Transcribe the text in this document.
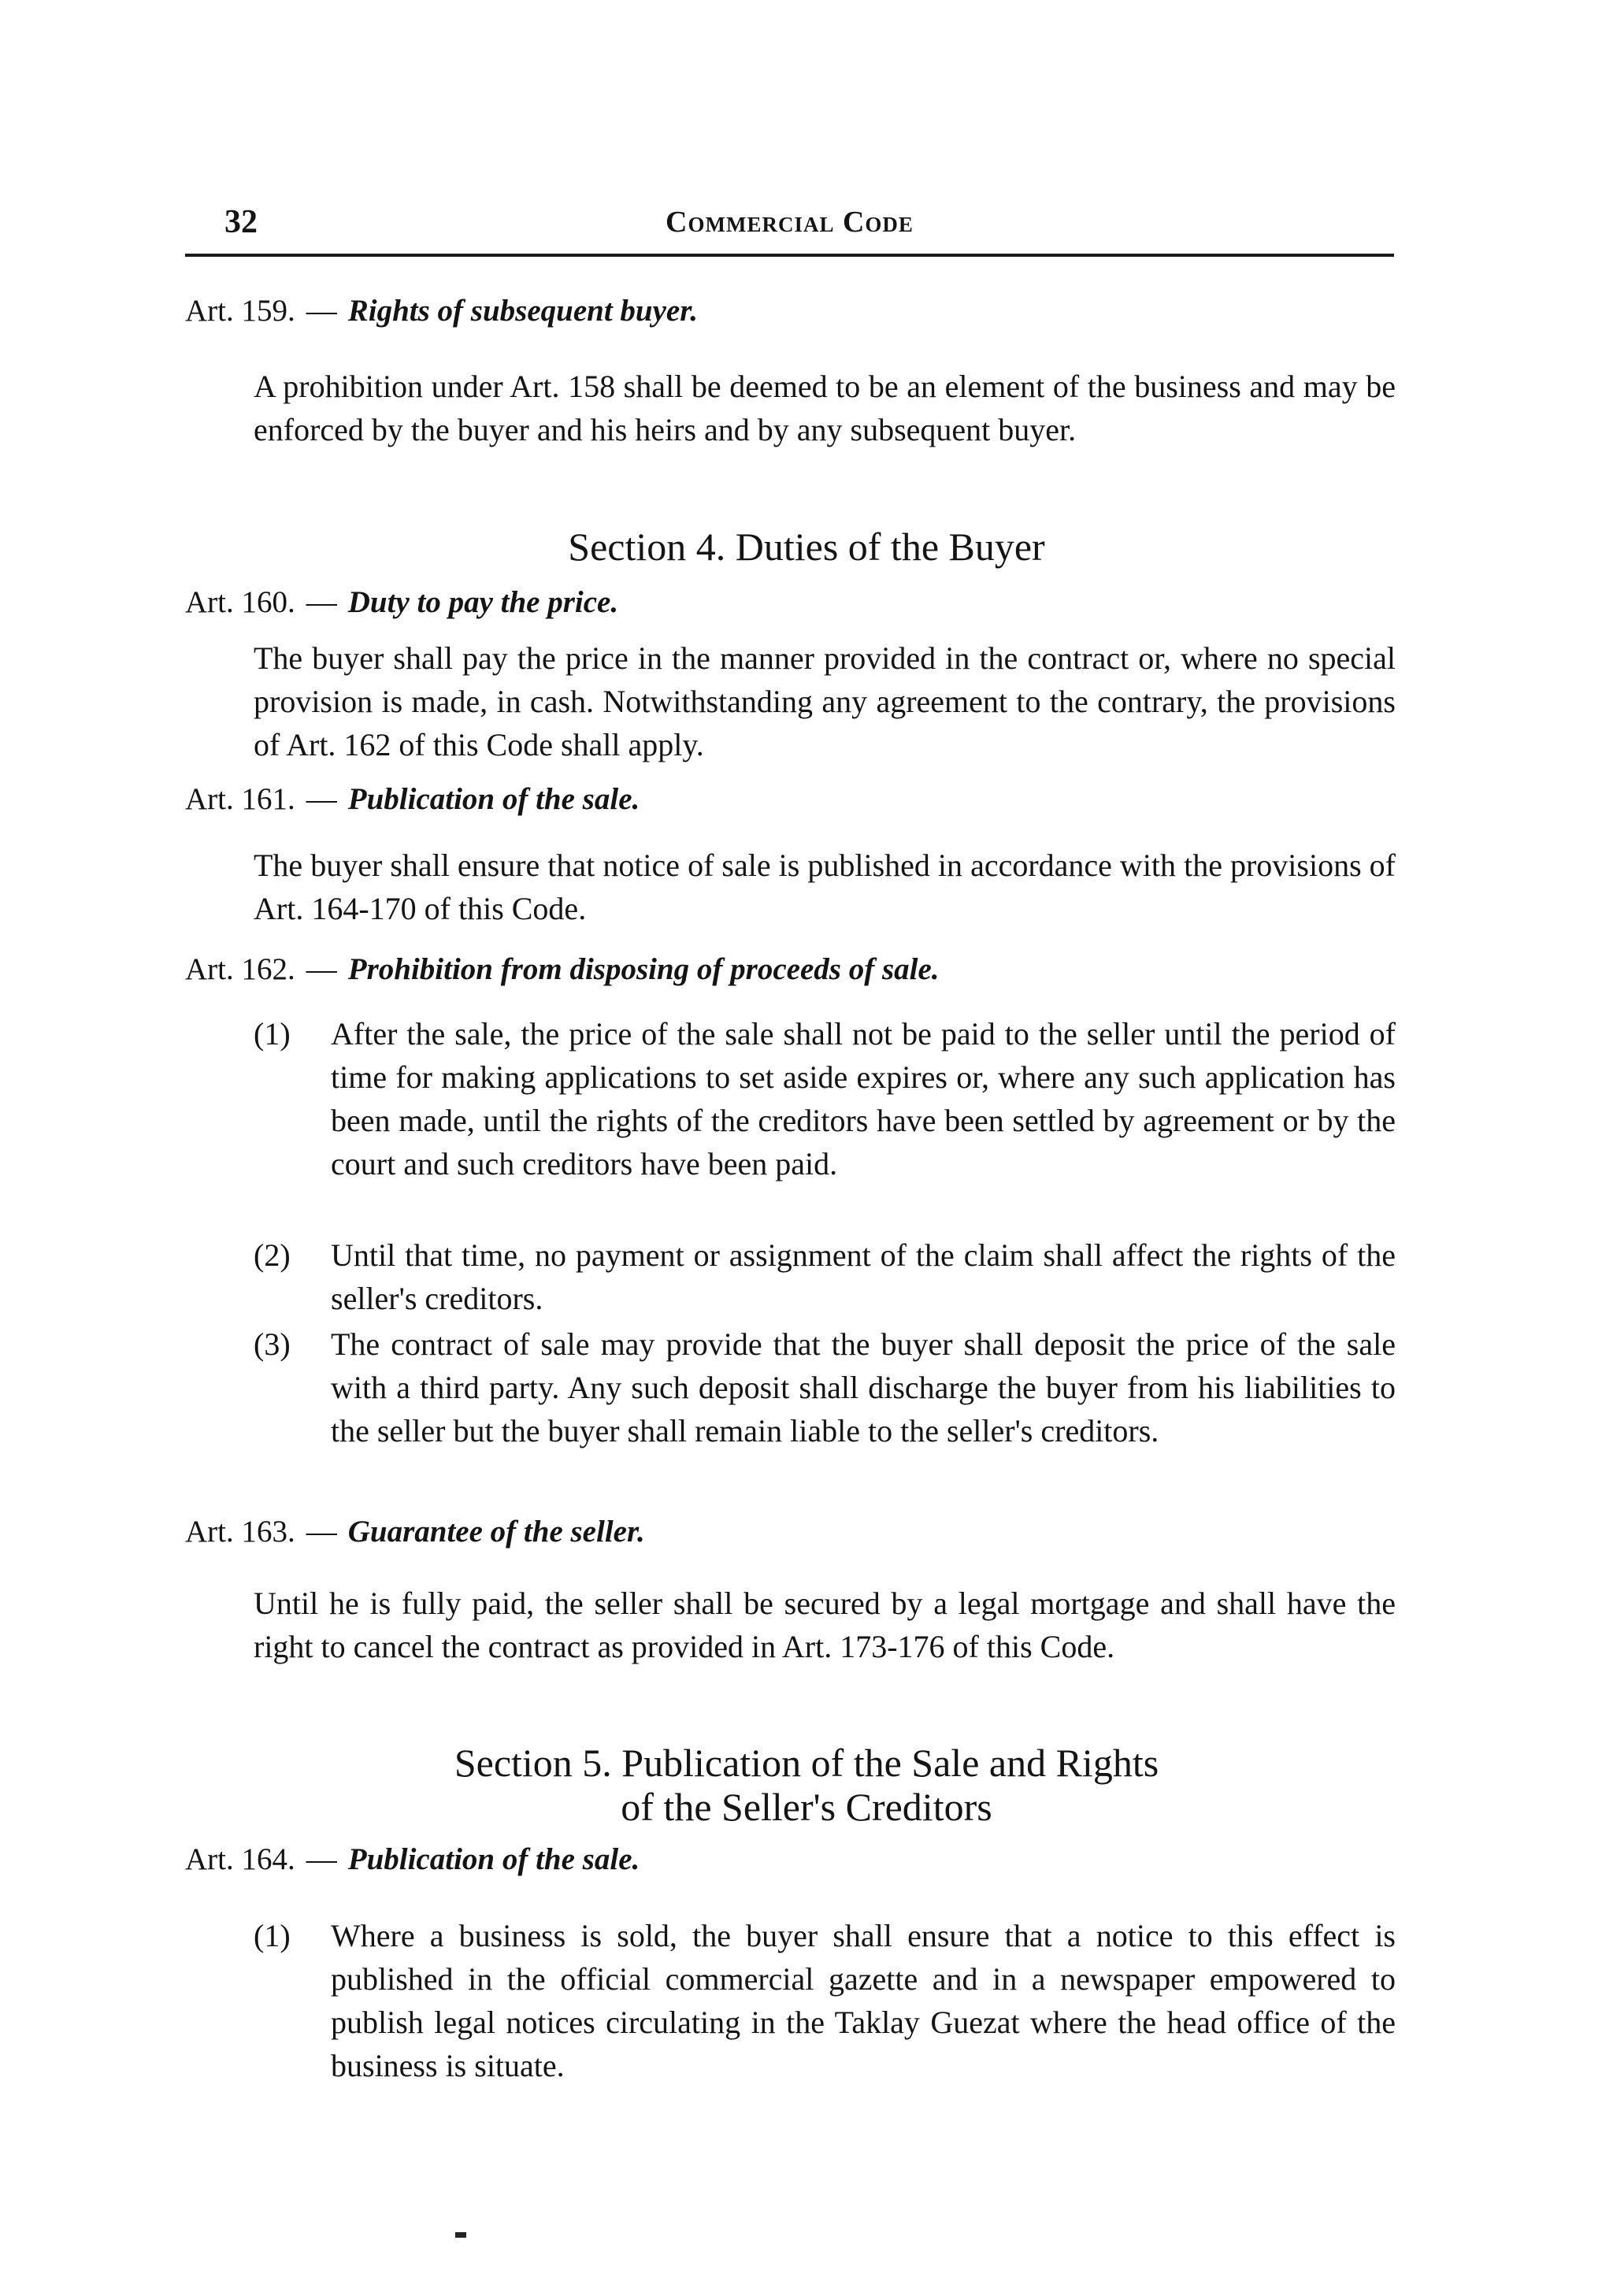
32	Commercial Code
Art. 159. — Rights of subsequent buyer.

A prohibition under Art. 158 shall be deemed to be an element of the business and may be enforced by the buyer and his heirs and by any subsequent buyer.

Section 4. Duties of the Buyer
Art. 160. — Duty to pay the price.

The buyer shall pay the price in the manner provided in the contract or, where no special provision is made, in cash. Notwithstanding any agreement to the contrary, the provisions of Art. 162 of this Code shall apply.

Art. 161. — Publication of the sale.

The buyer shall ensure that notice of sale is published in accordance with the provisions of Art. 164-170 of this Code.

Art. 162. — Prohibition from disposing of proceeds of sale.
(1) After the sale, the price of the sale shall not be paid to the seller until the period of time for making applications to set aside expires or, where any such application has been made, until the rights of the creditors have been settled by agreement or by the court and such creditors have been paid.
(2) Until that time, no payment or assignment of the claim shall affect the rights of the seller's creditors.
(3) The contract of sale may provide that the buyer shall deposit the price of the sale with a third party. Any such deposit shall discharge the buyer from his liabilities to the seller but the buyer shall remain liable to the seller's creditors.
Art. 163. — Guarantee of the seller.

Until he is fully paid, the seller shall be secured by a legal mortgage and shall have the right to cancel the contract as provided in Art. 173-176 of this Code.

Section 5. Publication of the Sale and Rights
of the Seller's Creditors
Art. 164. — Publication of the sale.
(1) Where a business is sold, the buyer shall ensure that a notice to this effect is published in the official commercial gazette and in a newspaper empowered to publish legal notices circulating in the Taklay Guezat where the head office of the business is situate.
